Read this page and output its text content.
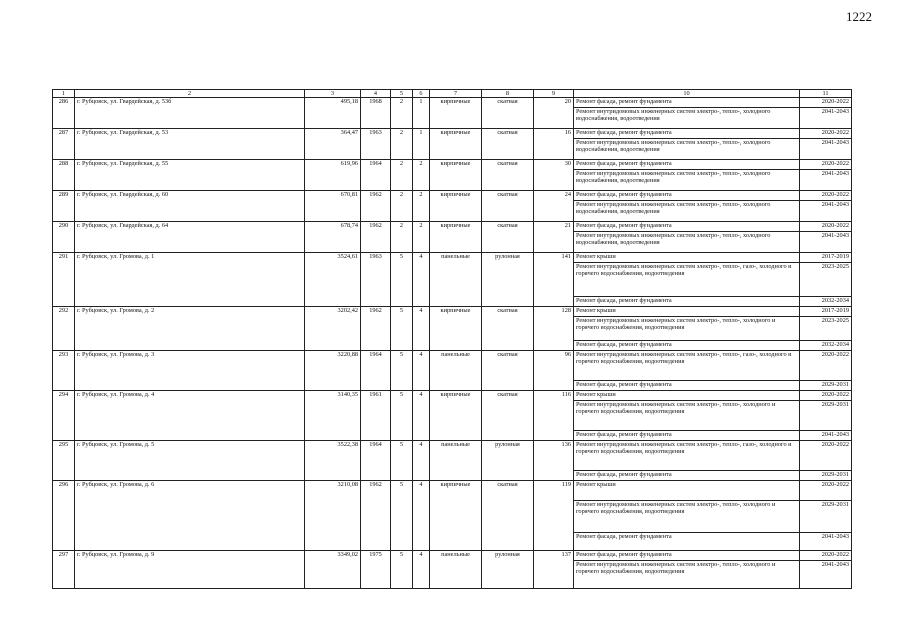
1222
1	2	3	4	5	6	7	8	9	10	11
286	г. Рубцовск, ул. Гвардейская, д. 53б	495,18	1968	2	1	кирпичные	скатная	20	Ремонт фасада, ремонт фундамента	2020-2022
									Ремонт внутридомовых инженерных систем электро-, тепло-, холодного водоснабжения, водоотведения	2041-2043
287	г. Рубцовск, ул. Гвардейская, д. 53	364,47	1963	2	1	кирпичные	скатная	16	Ремонт фасада, ремонт фундамента	2020-2022
									Ремонт внутридомовых инженерных систем электро-, тепло-, холодного водоснабжения, водоотведения	2041-2043
288	г. Рубцовск, ул. Гвардейская, д. 55	619,96	1964	2	2	кирпичные	скатная	30	Ремонт фасада, ремонт фундамента	2020-2022
									Ремонт внутридомовых инженерных систем электро-, тепло-, холодного водоснабжения, водоотведения	2041-2043
289	г. Рубцовск, ул. Гвардейская, д. 60	670,81	1962	2	2	кирпичные	скатная	24	Ремонт фасада, ремонт фундамента	2020-2022
									Ремонт внутридомовых инженерных систем электро-, тепло-, холодного водоснабжения, водоотведения	2041-2043
290	г. Рубцовск, ул. Гвардейская, д. 64	678,74	1962	2	2	кирпичные	скатная	21	Ремонт фасада, ремонт фундамента	2020-2022
									Ремонт внутридомовых инженерных систем электро-, тепло-, холодного водоснабжения, водоотведения	2041-2043
291	г. Рубцовск, ул. Громова, д. 1	3524,61	1963	5	4	панельные	рулонная	141	Ремонт крыши	2017-2019
									Ремонт внутридомовых инженерных систем электро-, тепло-, газо-, холодного и горячего водоснабжения, водоотведения	2023-2025
									Ремонт фасада, ремонт фундамента	2032-2034
292	г. Рубцовск, ул. Громова, д. 2	3202,42	1962	5	4	кирпичные	скатная	128	Ремонт крыши	2017-2019
									Ремонт внутридомовых инженерных систем электро-, тепло-, холодного и горячего водоснабжения, водоотведения	2023-2025
									Ремонт фасада, ремонт фундамента	2032-2034
293	г. Рубцовск, ул. Громова, д. 3	3220,88	1964	5	4	панельные	скатная	96	Ремонт внутридомовых инженерных систем электро-, тепло-, газо-, холодного и горячего водоснабжения, водоотведения	2020-2022
									Ремонт фасада, ремонт фундамента	2029-2031
294	г. Рубцовск, ул. Громова, д. 4	3140,35	1961	5	4	кирпичные	скатная	116	Ремонт крыши	2020-2022
									Ремонт внутридомовых инженерных систем электро-, тепло-, холодного и горячего водоснабжения, водоотведения	2029-2031
									Ремонт фасада, ремонт фундамента	2041-2043
295	г. Рубцовск, ул. Громова, д. 5	3522,38	1964	5	4	панельные	рулонная	136	Ремонт внутридомовых инженерных систем электро-, тепло-, газо-, холодного и горячего водоснабжения, водоотведения	2020-2022
									Ремонт фасада, ремонт фундамента	2029-2031
296	г. Рубцовск, ул. Громова, д. 6	3210,08	1962	5	4	кирпичные	скатная	119	Ремонт крыши	2020-2022
									Ремонт внутридомовых инженерных систем электро-, тепло-, холодного и горячего водоснабжения, водоотведения	2029-2031
									Ремонт фасада, ремонт фундамента	2041-2043
297	г. Рубцовск, ул. Громова, д. 9	3349,02	1975	5	4	панельные	рулонная	137	Ремонт фасада, ремонт фундамента	2020-2022
									Ремонт внутридомовых инженерных систем электро-, тепло-, холодного и горячего водоснабжения, водоотведения	2041-2043
